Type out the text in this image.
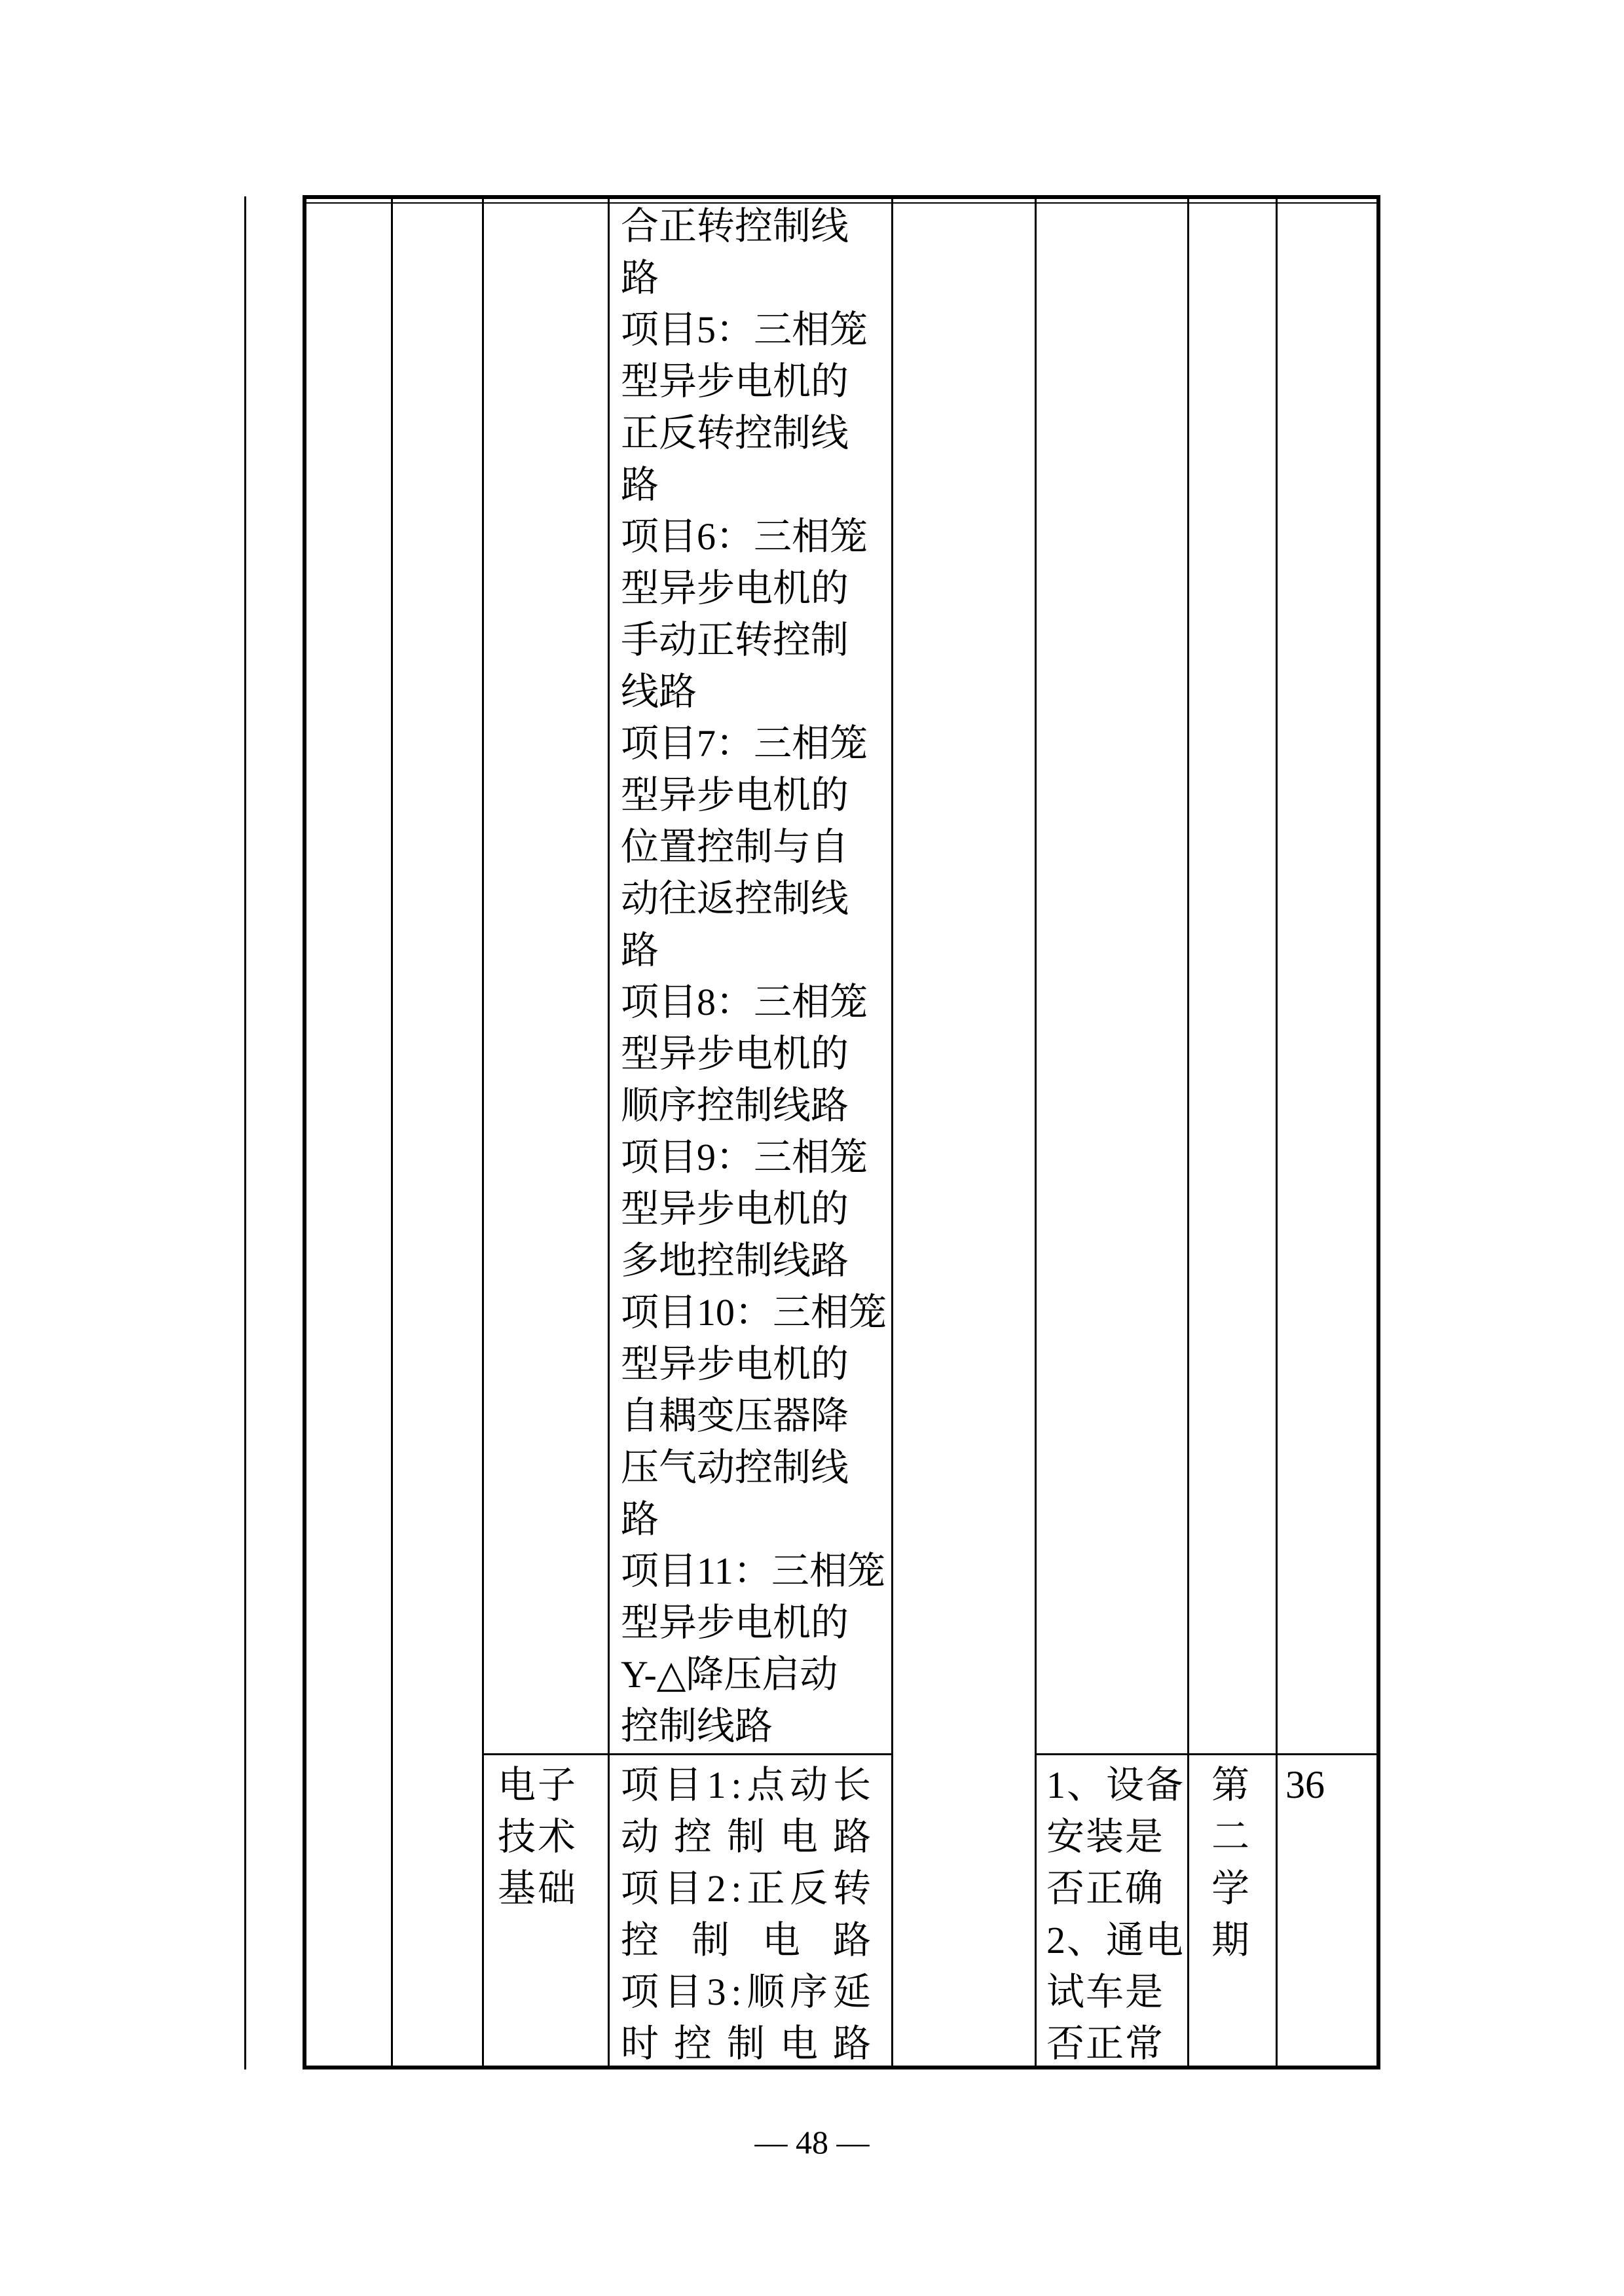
合正转控制线
路
项目5：三相笼
型异步电机的
正反转控制线
路
项目6：三相笼
型异步电机的
手动正转控制
线路
项目7：三相笼
型异步电机的
位置控制与自
动往返控制线
路
项目8：三相笼
型异步电机的
顺序控制线路
项目9：三相笼
型异步电机的
多地控制线路
项目10：三相笼
型异步电机的
自耦变压器降
压气动控制线
路
项目11：三相笼
型异步电机的
Y-△降压启动
控制线路
电子
技术
基础
项 目 1 : 点 动 长
动 控 制 电 路
项 目 2 : 正 反 转
控 制 电 路
项 目 3 : 顺 序 延
时 控 制 电 路
1、设备
安装是
否正确
2、通电
试车是
否正常
第
二
学
期
36
— 48 —
